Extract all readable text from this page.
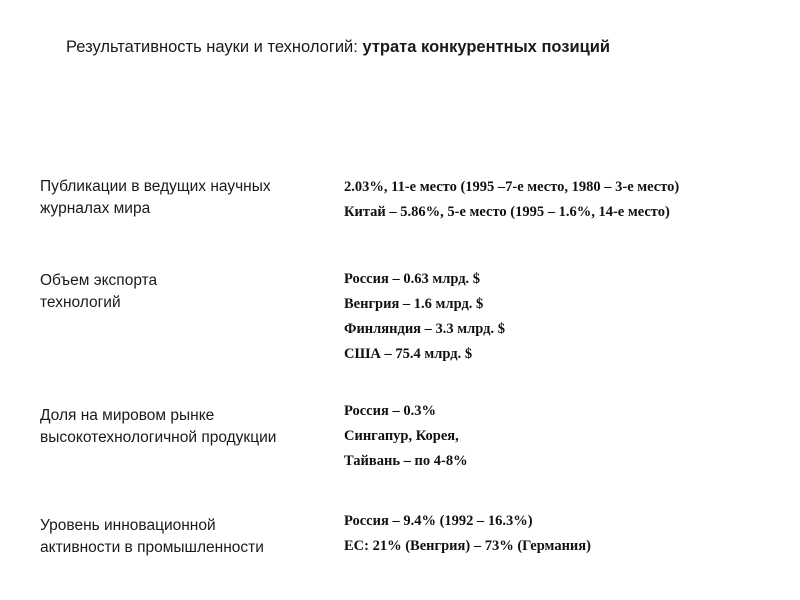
Результативность науки и технологий: утрата конкурентных позиций
Публикации в ведущих научных
журналах мира
2.03%, 11-е место (1995 –7-е место, 1980 – 3-е место)
Китай – 5.86%, 5-е место (1995 – 1.6%, 14-е место)
Объем экспорта
технологий
Россия – 0.63 млрд. $
Венгрия – 1.6 млрд. $
Финляндия – 3.3 млрд. $
США – 75.4 млрд. $
Доля на мировом рынке
высокотехнологичной продукции
Россия – 0.3%
Сингапур, Корея,
Тайвань – по 4-8%
Уровень инновационной
активности в промышленности
Россия – 9.4% (1992 – 16.3%)
ЕС: 21% (Венгрия) – 73% (Германия)
